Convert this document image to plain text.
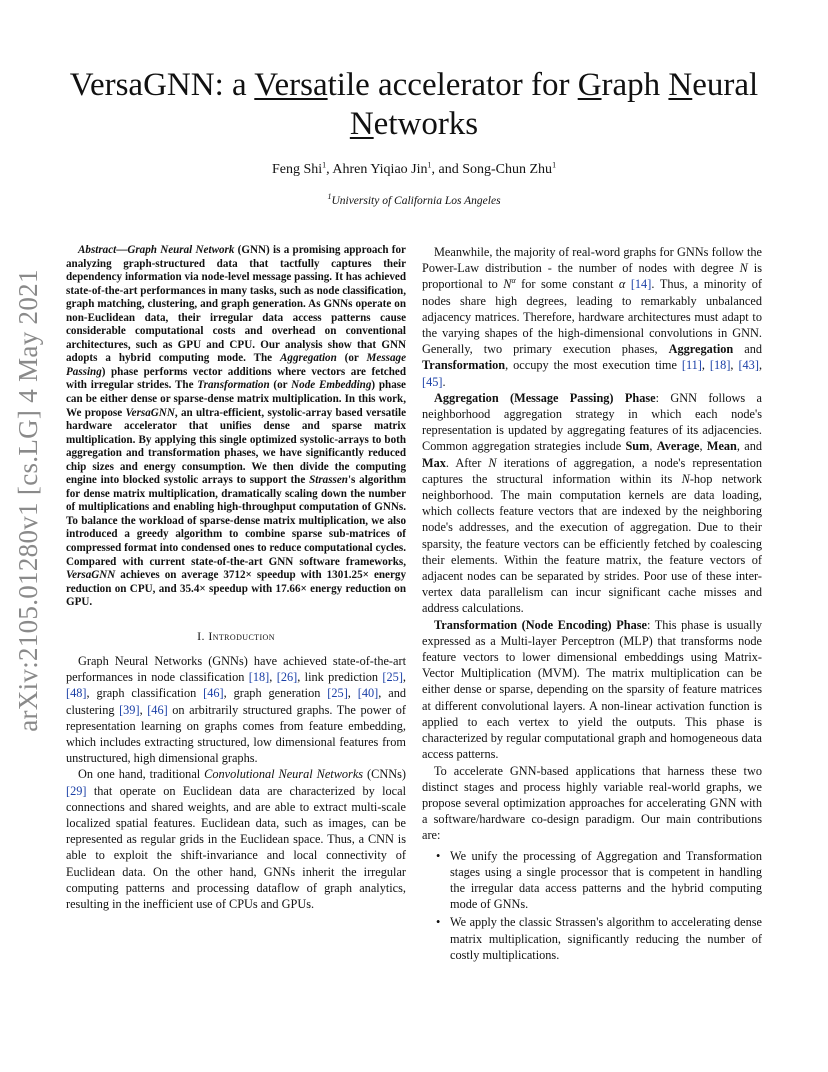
arXiv:2105.01280v1 [cs.LG] 4 May 2021
VersaGNN: a Versatile accelerator for Graph Neural
Networks
Feng Shi$^1$, Ahren Yiqiao Jin$^1$, and Song-Chun Zhu$^1$
$^1$University of California Los Angeles

Abstract—Graph Neural Network (GNN) is a promising approach for analyzing graph-structured data that tactfully captures their dependency information via node-level message passing. It has achieved state-of-the-art performances in many tasks, such as node classification, graph matching, clustering, and graph generation. As GNNs operate on non-Euclidean data, their irregular data access patterns cause considerable computational costs and overhead on conventional architectures, such as GPU and CPU. Our analysis show that GNN adopts a hybrid computing mode. The Aggregation (or Message Passing) phase performs vector additions where vectors are fetched with irregular strides. The Transformation (or Node Embedding) phase can be either dense or sparse-dense matrix multiplication. In this work, We propose VersaGNN, an ultra-efficient, systolic-array based versatile hardware accelerator that unifies dense and sparse matrix multiplication. By applying this single optimized systolic-arrays to both aggregation and transformation phases, we have significantly reduced chip sizes and energy consumption. We then divide the computing engine into blocked systolic arrays to support the Strassen's algorithm for dense matrix multiplication, dramatically scaling down the number of multiplications and enabling high-throughput computation of GNNs. To balance the workload of sparse-dense matrix multiplication, we also introduced a greedy algorithm to combine sparse sub-matrices of compressed format into condensed ones to reduce computational cycles. Compared with current state-of-the-art GNN software frameworks, VersaGNN achieves on average 3712× speedup with 1301.25× energy reduction on CPU, and 35.4× speedup with 17.66× energy reduction on GPU.

I. Introduction

Graph Neural Networks (GNNs) have achieved state-of-the-art performances in node classification [18], [26], link prediction [25], [48], graph classification [46], graph generation [25], [40], and clustering [39], [46] on arbitrarily structured graphs. The power of representation learning on graphs comes from feature embedding, which includes extracting structured, low dimensional features from unstructured, high dimensional graphs.

On one hand, traditional Convolutional Neural Networks (CNNs) [29] that operate on Euclidean data are characterized by local connections and shared weights, and are able to extract multi-scale localized spatial features. Euclidean data, such as images, can be represented as regular grids in the Euclidean space. Thus, a CNN is able to exploit the shift-invariance and local connectivity of Euclidean data. On the other hand, GNNs inherit the irregular computing patterns and processing dataflow of graph analytics, resulting in the inefficient use of CPUs and GPUs.

Meanwhile, the majority of real-word graphs for GNNs follow the Power-Law distribution - the number of nodes with degree N is proportional to $N^\alpha$ for some constant α [14]. Thus, a minority of nodes share high degrees, leading to remarkably unbalanced adjacency matrices. Therefore, hardware architectures must adapt to the varying shapes of the high-dimensional convolutions in GNN. Generally, two primary execution phases, Aggregation and Transformation, occupy the most execution time [11], [18], [43], [45].

Aggregation (Message Passing) Phase: GNN follows a neighborhood aggregation strategy in which each node's representation is updated by aggregating features of its adjacencies. Common aggregation strategies include Sum, Average, Mean, and Max. After N iterations of aggregation, a node's representation captures the structural information within its N-hop network neighborhood. The main computation kernels are data loading, which collects feature vectors that are indexed by the neighboring node's addresses, and the execution of aggregation. Due to their sparsity, the feature vectors can be efficiently fetched by coalescing their elements. Within the feature matrix, the feature vectors of adjacent nodes can be separated by strides. Poor use of these inter-vertex data parallelism can incur significant cache misses and address calculations.

Transformation (Node Encoding) Phase: This phase is usually expressed as a Multi-layer Perceptron (MLP) that transforms node feature vectors to lower dimensional embeddings using Matrix-Vector Multiplication (MVM). The matrix multiplication can be either dense or sparse, depending on the sparsity of feature matrices at different convolutional layers. A non-linear activation function is applied to each vertex to yield the outputs. This phase is characterized by regular computational graph and homogeneous data access patterns.

To accelerate GNN-based applications that harness these two distinct stages and process highly variable real-world graphs, we propose several optimization approaches for accelerating GNN with a software/hardware co-design paradigm. Our main contributions are:

• We unify the processing of Aggregation and Transformation stages using a single processor that is competent in handling the irregular data access patterns and the hybrid computing mode of GNNs.
• We apply the classic Strassen's algorithm to accelerating dense matrix multiplication, significantly reducing the number of costly multiplications.
